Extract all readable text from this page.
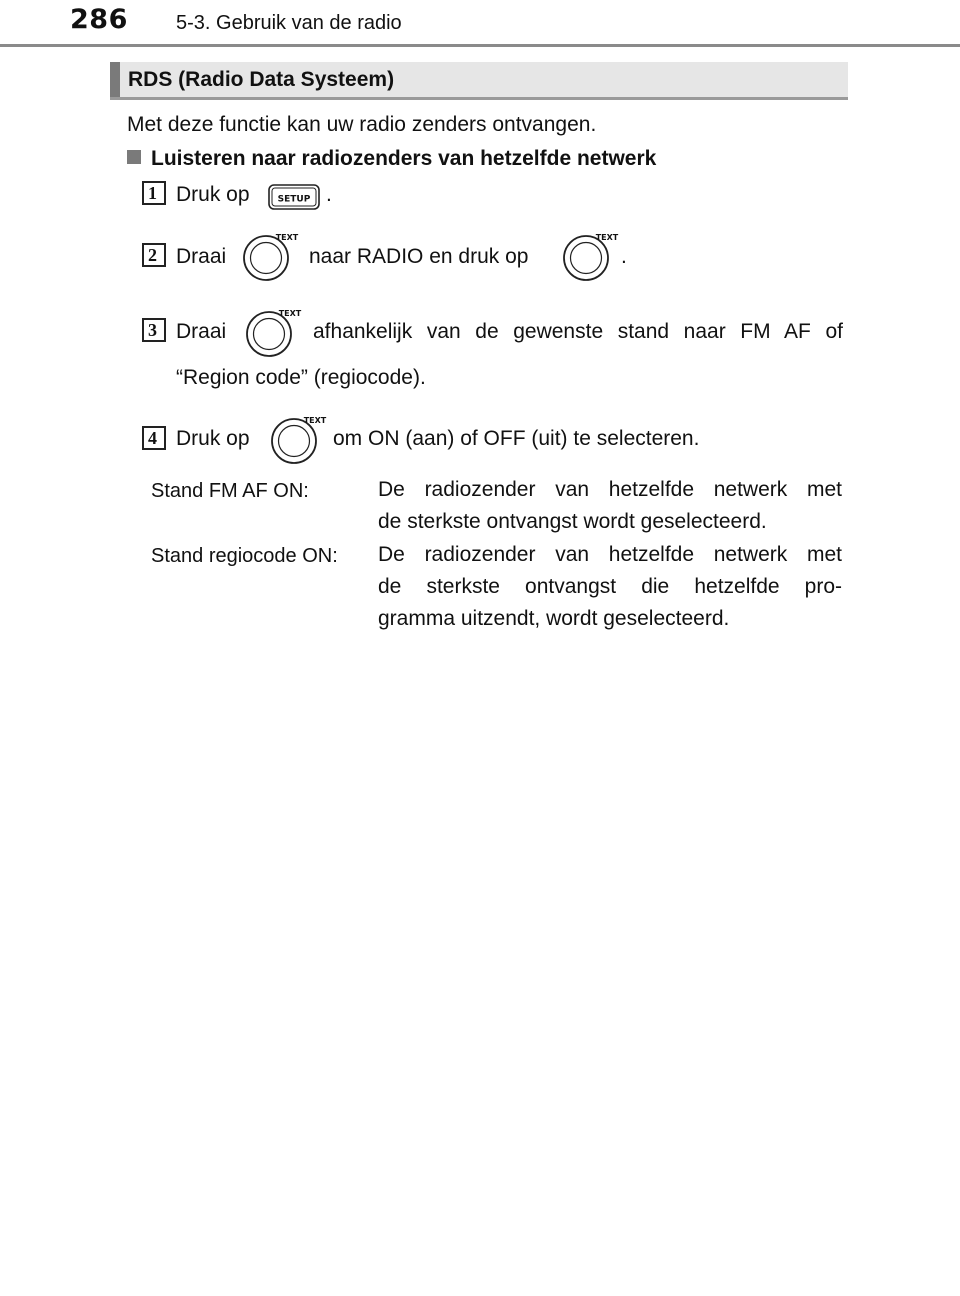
286 5-3. Gebruik van de radio
RDS (Radio Data Systeem)
Met deze functie kan uw radio zenders ontvangen.
Luisteren naar radiozenders van hetzelfde netwerk
1 Druk op	SETUP .
2 Draai
TEXT
naar RADIO en druk op
TEXT
.
3 Draai
TEXT
afhankelijk van de gewenste stand naar FM AF of
“Region code” (regiocode).
4 Druk op
TEXT
om ON (aan) of OFF (uit) te selecteren.
Stand FM AF ON:	De radiozender van hetzelfde netwerk met
de sterkste ontvangst wordt geselecteerd.
Stand regiocode ON: De radiozender van hetzelfde netwerk met
de sterkste ontvangst die hetzelfde pro-
gramma uitzendt, wordt geselecteerd.
